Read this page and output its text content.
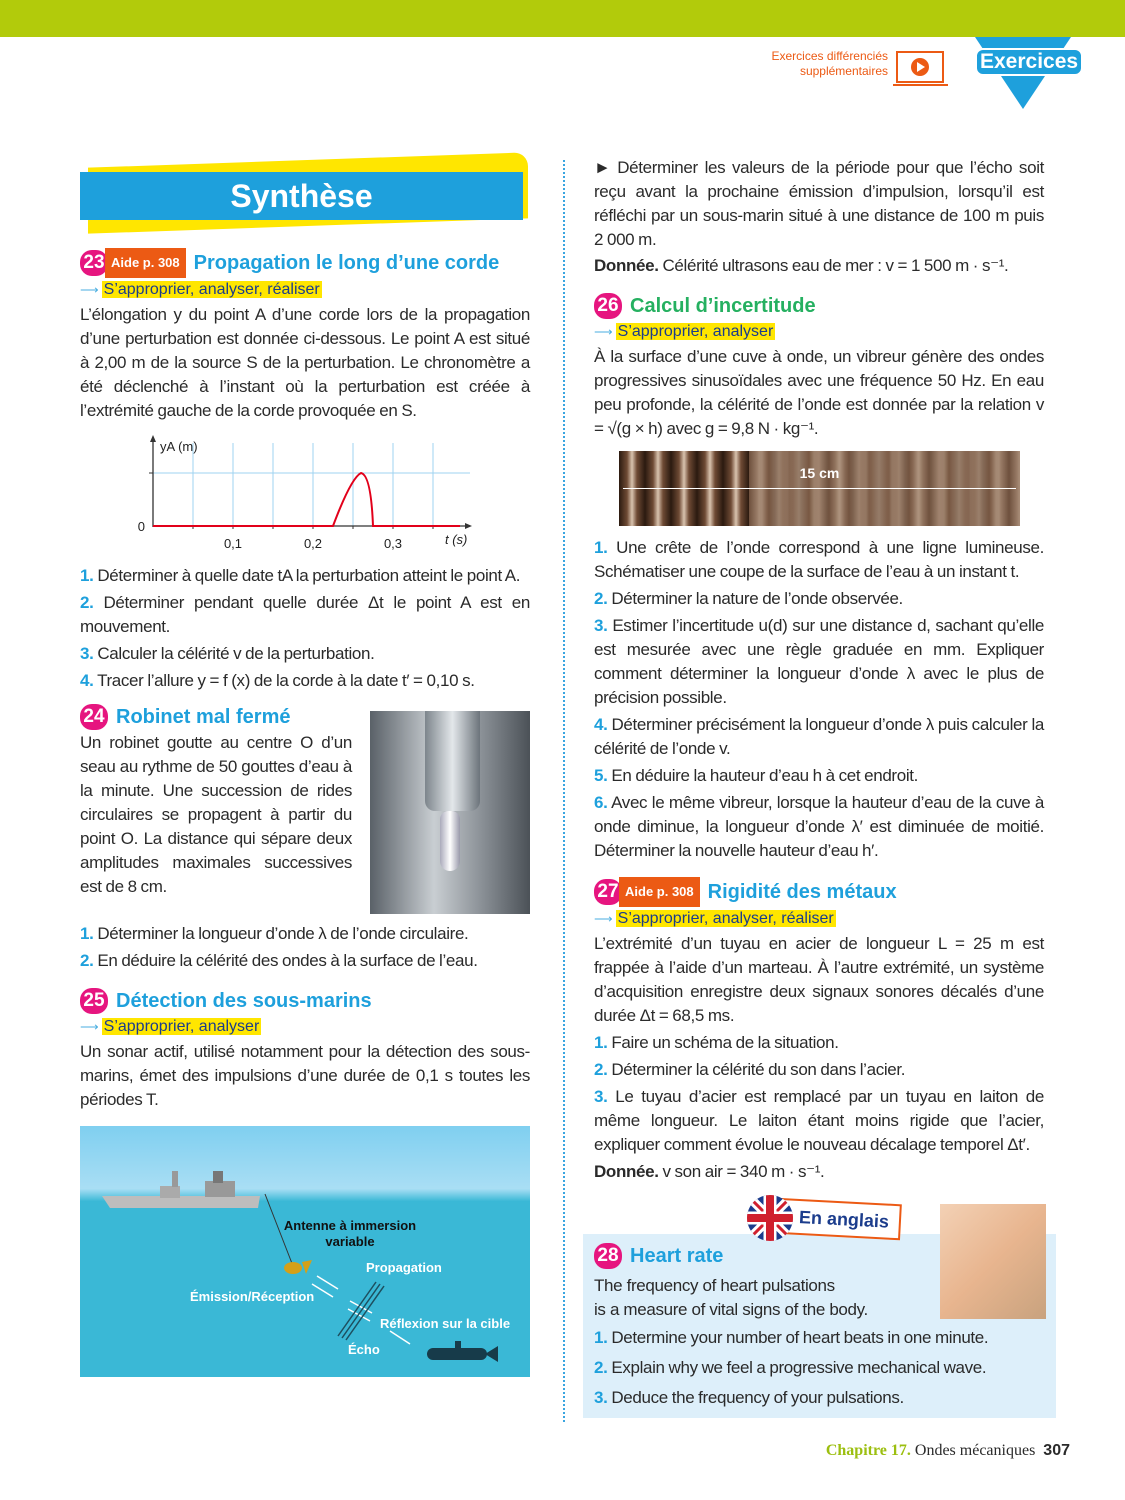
Exercices différenciés
supplémentaires	Exercices
Synthèse
23 Aide p. 308 Propagation le long d’une corde
⟶ S’approprier, analyser, réaliser
L’élongation y du point A d’une corde lors de la propagation d’une perturbation est donnée ci-dessous. Le point A est situé à 2,00 m de la source S de la perturbation. Le chronomètre a été déclenché à l’instant où la perturbation est créée à l’extrémité gauche de la corde provoquée en S.
0,1	0,2	0,3
0
yA (m)
t (s)
1. Déterminer à quelle date tA la perturbation atteint le point A.
2. Déterminer pendant quelle durée Δt le point A est en mouvement.
3. Calculer la célérité v de la perturbation.
4. Tracer l’allure y = f (x) de la corde à la date t′ = 0,10 s.
24 Robinet mal fermé
Un robinet goutte au centre O d’un seau au rythme de 50 gouttes d’eau à la minute. Une succession de rides circulaires se propagent à partir du point O. La distance qui sépare deux amplitudes maximales successives est de 8 cm.
1. Déterminer la longueur d’onde λ de l’onde circulaire.
2. En déduire la célérité des ondes à la surface de l’eau.
25 Détection des sous-marins
⟶ S’approprier, analyser
Un sonar actif, utilisé notamment pour la détection des sous-marins, émet des impulsions d’une durée de 0,1 s toutes les périodes T.
Antenne à immersion
variable
Propagation
Émission/Réception
Réflexion sur la cible
Écho
► Déterminer les valeurs de la période pour que l’écho soit reçu avant la prochaine émission d’impulsion, lorsqu’il est réfléchi par un sous-marin situé à une distance de 100 m puis 2 000 m.
Donnée. Célérité ultrasons eau de mer : v = 1 500 m · s⁻¹.
26 Calcul d’incertitude
⟶ S’approprier, analyser
À la surface d’une cuve à onde, un vibreur génère des ondes progressives sinusoïdales avec une fréquence 50 Hz. En eau peu profonde, la célérité de l’onde est donnée par la relation v = √(g × h) avec g = 9,8 N · kg⁻¹.
15 cm
1. Une crête de l’onde correspond à une ligne lumineuse. Schématiser une coupe de la surface de l’eau à un instant t.
2. Déterminer la nature de l’onde observée.
3. Estimer l’incertitude u(d) sur une distance d, sachant qu’elle est mesurée avec une règle graduée en mm. Expliquer comment déterminer la longueur d’onde λ avec le plus de précision possible.
4. Déterminer précisément la longueur d’onde λ puis calculer la célérité de l’onde v.
5. En déduire la hauteur d’eau h à cet endroit.
6. Avec le même vibreur, lorsque la hauteur d’eau de la cuve à onde diminue, la longueur d’onde λ′ est diminuée de moitié. Déterminer la nouvelle hauteur d’eau h′.
27 Aide p. 308 Rigidité des métaux
⟶ S’approprier, analyser, réaliser
L’extrémité d’un tuyau en acier de longueur L = 25 m est frappée à l’aide d’un marteau. À l’autre extrémité, un système d’acquisition enregistre deux signaux sonores décalés d’une durée Δt = 68,5 ms.
1. Faire un schéma de la situation.
2. Déterminer la célérité du son dans l’acier.
3. Le tuyau d’acier est remplacé par un tuyau en laiton de même longueur. Le laiton étant moins rigide que l’acier, expliquer comment évolue le nouveau décalage temporel Δt′.
Donnée. v son air = 340 m · s⁻¹.
En anglais
28 Heart rate
The frequency of heart pulsations
is a measure of vital signs of the body.
1. Determine your number of heart beats in one minute.
2. Explain why we feel a progressive mechanical wave.
3. Deduce the frequency of your pulsations.
Chapitre 17. Ondes mécaniques 307
